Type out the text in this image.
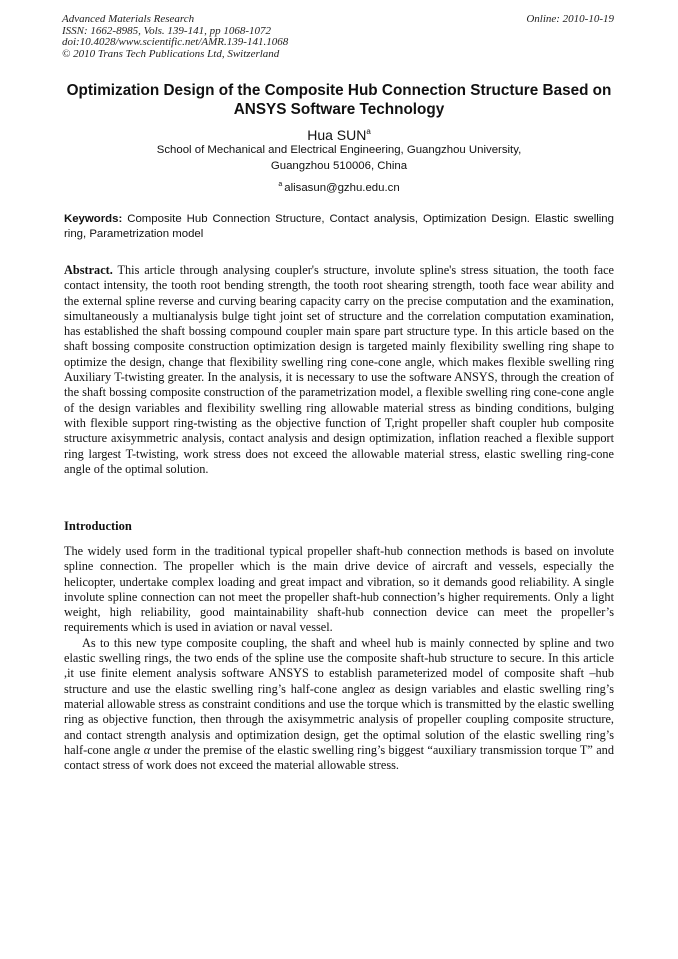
Advanced Materials Research
ISSN: 1662-8985, Vols. 139-141, pp 1068-1072
doi:10.4028/www.scientific.net/AMR.139-141.1068
© 2010 Trans Tech Publications Ltd, Switzerland
Online: 2010-10-19
Optimization Design of the Composite Hub Connection Structure Based on ANSYS Software Technology
Hua SUN$^a$
School of Mechanical and Electrical Engineering, Guangzhou University,
Guangzhou 510006, China
$^a$ alisasun@gzhu.edu.cn
Keywords: Composite Hub Connection Structure, Contact analysis, Optimization Design. Elastic swelling ring, Parametrization model
Abstract. This article through analysing coupler's structure, involute spline's stress situation, the tooth face contact intensity, the tooth root bending strength, the tooth root shearing strength, tooth face wear ability and the external spline reverse and curving bearing capacity carry on the precise computation and the examination, simultaneously a multianalysis bulge tight joint set of structure and the correlation computation examination, has established the shaft bossing compound coupler main spare part structure type. In this article based on the shaft bossing composite construction optimization design is targeted mainly flexibility swelling ring shape to optimize the design, change that flexibility swelling ring cone-cone angle, which makes flexible swelling ring Auxiliary T-twisting greater. In the analysis, it is necessary to use the software ANSYS, through the creation of the shaft bossing composite construction of the parametrization model, a flexible swelling ring cone-cone angle of the design variables and flexibility swelling ring allowable material stress as binding conditions, bulging with flexible support ring-twisting as the objective function of T,right propeller shaft coupler hub composite structure axisymmetric analysis, contact analysis and design optimization, inflation reached a flexible support ring largest T-twisting, work stress does not exceed the allowable material stress, elastic swelling ring-cone angle of the optimal solution.
Introduction

The widely used form in the traditional typical propeller shaft-hub connection methods is based on involute spline connection. The propeller which is the main drive device of aircraft and vessels, especially the helicopter, undertake complex loading and great impact and vibration, so it demands good reliability. A single involute spline connection can not meet the propeller shaft-hub connection’s higher requirements. Only a light weight, high reliability, good maintainability shaft-hub connection device can meet the propeller’s requirements which is used in aviation or naval vessel.

As to this new type composite coupling, the shaft and wheel hub is mainly connected by spline and two elastic swelling rings, the two ends of the spline use the composite shaft-hub structure to secure. In this article ,it use finite element analysis software ANSYS to establish parameterized model of composite shaft –hub structure and use the elastic swelling ring’s half-cone angleα as design variables and elastic swelling ring’s material allowable stress as constraint conditions and use the torque which is transmitted by the elastic swelling ring as objective function, then through the axisymmetric analysis of propeller coupling composite structure, and contact strength analysis and optimization design, get the optimal solution of the elastic swelling ring’s half-cone angle α under the premise of the elastic swelling ring’s biggest “auxiliary transmission torque T” and contact stress of work does not exceed the material allowable stress.
